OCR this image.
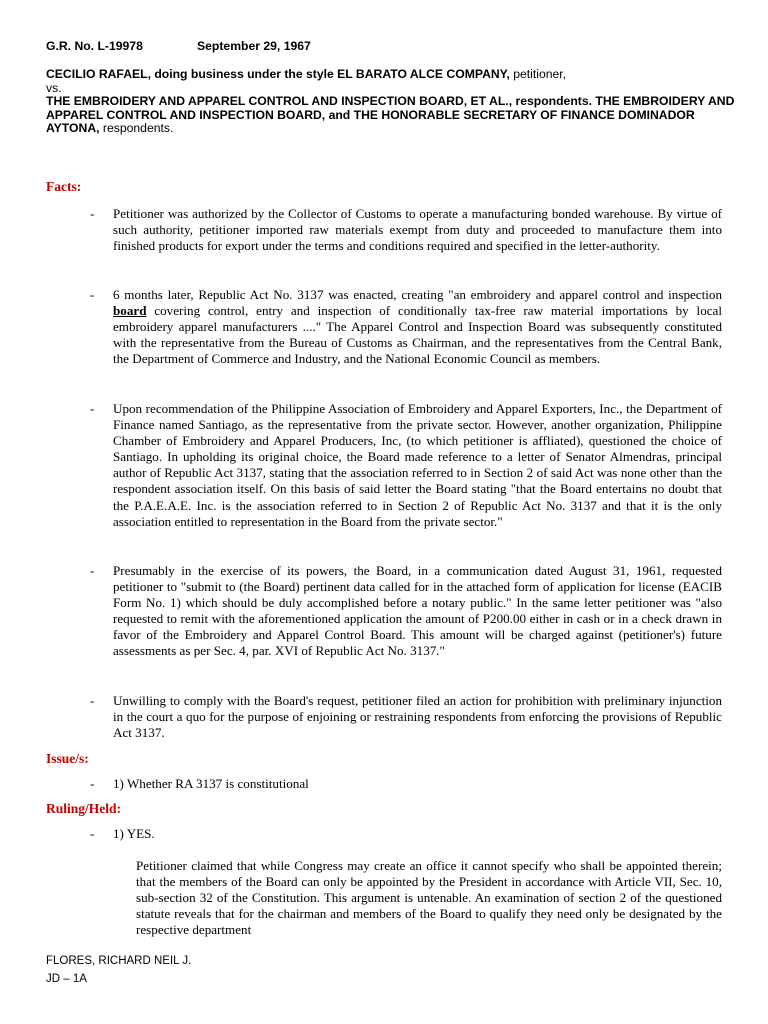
G.R. No. L-19978	September 29, 1967
CECILIO RAFAEL, doing business under the style EL BARATO ALCE COMPANY, petitioner,
vs.
THE EMBROIDERY AND APPAREL CONTROL AND INSPECTION BOARD, ET AL., respondents. THE EMBROIDERY AND APPAREL CONTROL AND INSPECTION BOARD, and THE HONORABLE SECRETARY OF FINANCE DOMINADOR AYTONA, respondents.
Facts:
- Petitioner was authorized by the Collector of Customs to operate a manufacturing bonded warehouse. By virtue of such authority, petitioner imported raw materials exempt from duty and proceeded to manufacture them into finished products for export under the terms and conditions required and specified in the letter-authority.
- 6 months later, Republic Act No. 3137 was enacted, creating "an embroidery and apparel control and inspection board covering control, entry and inspection of conditionally tax-free raw material importations by local embroidery apparel manufacturers ...." The Apparel Control and Inspection Board was subsequently constituted with the representative from the Bureau of Customs as Chairman, and the representatives from the Central Bank, the Department of Commerce and Industry, and the National Economic Council as members.
- Upon recommendation of the Philippine Association of Embroidery and Apparel Exporters, Inc., the Department of Finance named Santiago, as the representative from the private sector. However, another organization, Philippine Chamber of Embroidery and Apparel Producers, Inc, (to which petitioner is affliated), questioned the choice of Santiago. In upholding its original choice, the Board made reference to a letter of Senator Almendras, principal author of Republic Act 3137, stating that the association referred to in Section 2 of said Act was none other than the respondent association itself. On this basis of said letter the Board stating "that the Board entertains no doubt that the P.A.E.A.E. Inc. is the association referred to in Section 2 of Republic Act No. 3137 and that it is the only association entitled to representation in the Board from the private sector."
- Presumably in the exercise of its powers, the Board, in a communication dated August 31, 1961, requested petitioner to "submit to (the Board) pertinent data called for in the attached form of application for license (EACIB Form No. 1) which should be duly accomplished before a notary public." In the same letter petitioner was "also requested to remit with the aforementioned application the amount of P200.00 either in cash or in a check drawn in favor of the Embroidery and Apparel Control Board. This amount will be charged against (petitioner's) future assessments as per Sec. 4, par. XVI of Republic Act No. 3137."
- Unwilling to comply with the Board's request, petitioner filed an action for prohibition with preliminary injunction in the court a quo for the purpose of enjoining or restraining respondents from enforcing the provisions of Republic Act 3137.
Issue/s:
- 1) Whether RA 3137 is constitutional
Ruling/Held:
- 1) YES.
Petitioner claimed that while Congress may create an office it cannot specify who shall be appointed therein; that the members of the Board can only be appointed by the President in accordance with Article VII, Sec. 10, sub-section 32 of the Constitution. This argument is untenable. An examination of section 2 of the questioned statute reveals that for the chairman and members of the Board to qualify they need only be designated by the respective department
FLORES, RICHARD NEIL J.
JD – 1A
